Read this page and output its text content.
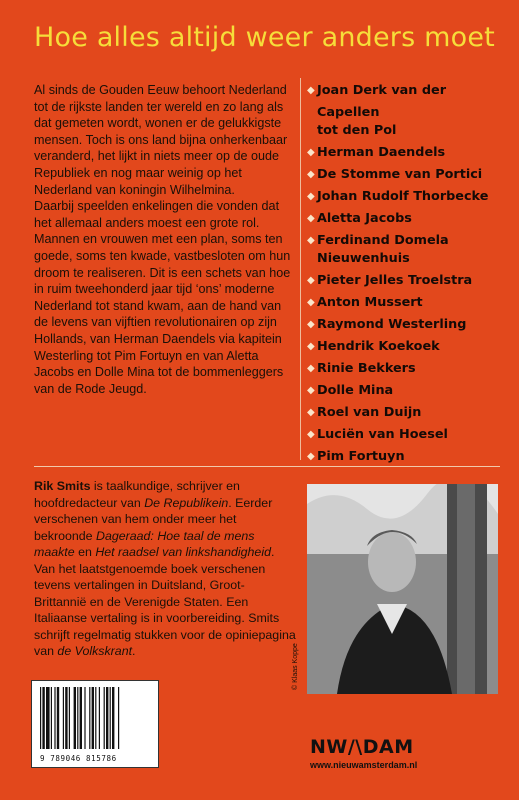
Hoe alles altijd weer anders moet

Al sinds de Gouden Eeuw behoort Nederland tot de rijkste landen ter wereld en zo lang als dat gemeten wordt, wonen er de gelukkigste mensen. Toch is ons land bijna onherkenbaar veranderd, het lijkt in niets meer op de oude Republiek en nog maar weinig op het Nederland van koningin Wilhelmina.

Daarbij speelden enkelingen die vonden dat het allemaal anders moest een grote rol. Mannen en vrouwen met een plan, soms ten goede, soms ten kwade, vastbesloten om hun droom te realiseren. Dit is een schets van hoe in ruim tweehonderd jaar tijd ‘ons’ moderne Nederland tot stand kwam, aan de hand van de levens van vijftien revolutionairen op zijn Hollands, van Herman Daendels via kapitein Westerling tot Pim Fortuyn en van Aletta Jacobs en Dolle Mina tot de bommenleggers van de Rode Jeugd.

◆ Joan Derk van der Capellen
tot den Pol
◆ Herman Daendels
◆ De Stomme van Portici
◆ Johan Rudolf Thorbecke
◆ Aletta Jacobs
◆ Ferdinand Domela
Nieuwenhuis
◆ Pieter Jelles Troelstra
◆ Anton Mussert
◆ Raymond Westerling
◆ Hendrik Koekoek
◆ Rinie Bekkers
◆ Dolle Mina
◆ Roel van Duijn
◆ Luciën van Hoesel
◆ Pim Fortuyn
Rik Smits is taalkundige, schrijver en hoofdredacteur van De Republikein. Eerder verschenen van hem onder meer het bekroonde Dageraad: Hoe taal de mens maakte en Het raadsel van linkshandigheid. Van het laatstgenoemde boek verschenen tevens vertalingen in Duitsland, Groot-Brittannië en de Verenigde Staten. Een Italiaanse vertaling is in voorbereiding. Smits schrijft regelmatig stukken voor de opiniepagina van de Volkskrant.	© Klaas Koppe
9 789046 815786
NW/\DAM
www.nieuwamsterdam.nl
